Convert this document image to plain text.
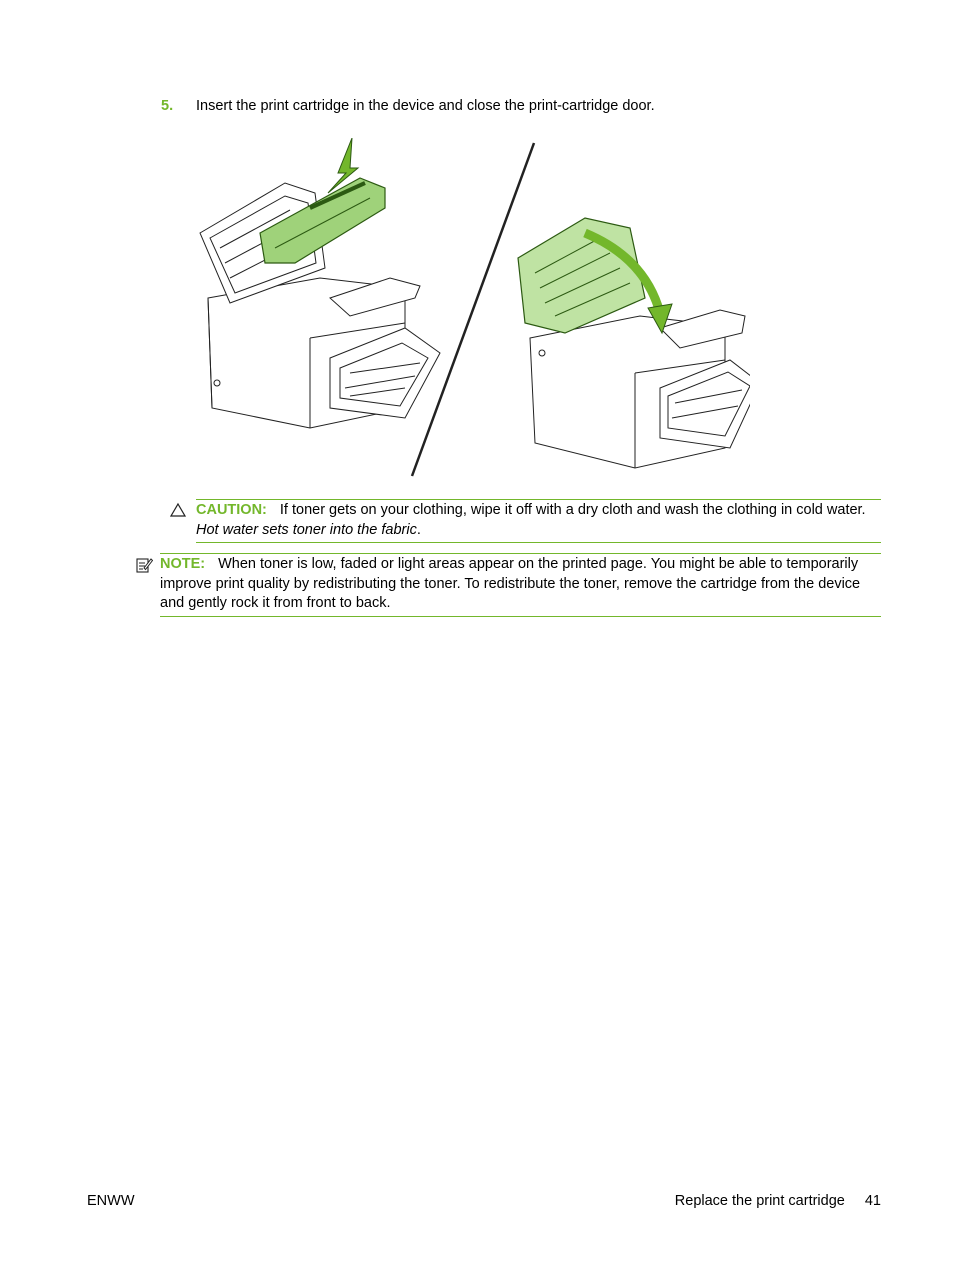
5. Insert the print cartridge in the device and close the print-cartridge door.
CAUTION: If toner gets on your clothing, wipe it off with a dry cloth and wash the clothing in cold water. Hot water sets toner into the fabric.
NOTE: When toner is low, faded or light areas appear on the printed page. You might be able to temporarily improve print quality by redistributing the toner. To redistribute the toner, remove the cartridge from the device and gently rock it from front to back.
ENWW	Replace the print cartridge 41
